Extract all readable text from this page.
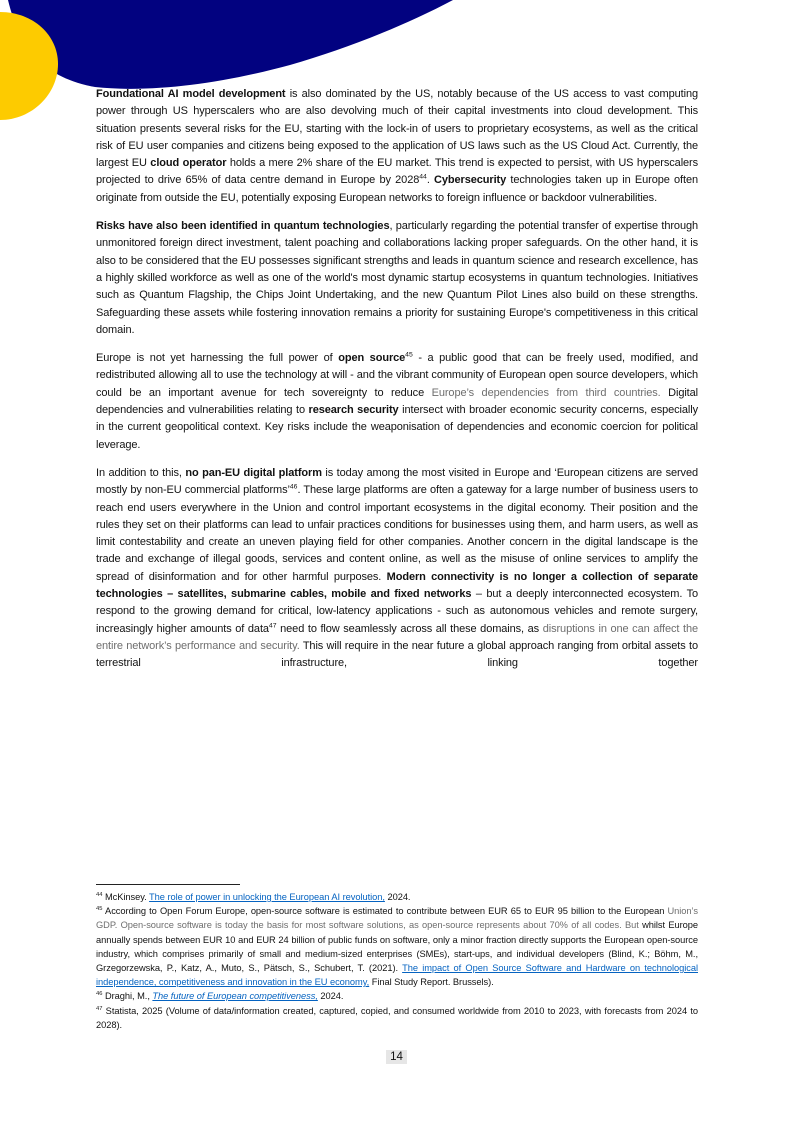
Foundational AI model development is also dominated by the US, notably because of the US access to vast computing power through US hyperscalers who are also devolving much of their capital investments into cloud development. This situation presents several risks for the EU, starting with the lock-in of users to proprietary ecosystems, as well as the critical risk of EU user companies and citizens being exposed to the application of US laws such as the US Cloud Act. Currently, the largest EU cloud operator holds a mere 2% share of the EU market. This trend is expected to persist, with US hyperscalers projected to drive 65% of data centre demand in Europe by 2028$^{44}$. Cybersecurity technologies taken up in Europe often originate from outside the EU, potentially exposing European networks to foreign influence or backdoor vulnerabilities.

Risks have also been identified in quantum technologies, particularly regarding the potential transfer of expertise through unmonitored foreign direct investment, talent poaching and collaborations lacking proper safeguards. On the other hand, it is also to be considered that the EU possesses significant strengths and leads in quantum science and research excellence, has a highly skilled workforce as well as one of the world's most dynamic startup ecosystems in quantum technologies. Initiatives such as Quantum Flagship, the Chips Joint Undertaking, and the new Quantum Pilot Lines also build on these strengths. Safeguarding these assets while fostering innovation remains a priority for sustaining Europe's competitiveness in this critical domain.

Europe is not yet harnessing the full power of open source$^{45}$ - a public good that can be freely used, modified, and redistributed allowing all to use the technology at will - and the vibrant community of European open source developers, which could be an important avenue for tech sovereignty to reduce Europe’s dependencies from third countries. Digital dependencies and vulnerabilities relating to research security intersect with broader economic security concerns, especially in the current geopolitical context. Key risks include the weaponisation of dependencies and economic coercion for political leverage.

In addition to this, no pan-EU digital platform is today among the most visited in Europe and ‘European citizens are served mostly by non-EU commercial platforms’$^{46}$. These large platforms are often a gateway for a large number of business users to reach end users everywhere in the Union and control important ecosystems in the digital economy. Their position and the rules they set on their platforms can lead to unfair practices conditions for businesses using them, and harm users, as well as limit contestability and create an uneven playing field for other companies. Another concern in the digital landscape is the trade and exchange of illegal goods, services and content online, as well as the misuse of online services to amplify the spread of disinformation and for other harmful purposes. Modern connectivity is no longer a collection of separate technologies – satellites, submarine cables, mobile and fixed networks – but a deeply interconnected ecosystem. To respond to the growing demand for critical, low-latency applications - such as autonomous vehicles and remote surgery, increasingly higher amounts of data$^{47}$ need to flow seamlessly across all these domains, as disruptions in one can affect the entire network’s performance and security. This will require in the near future a global approach ranging from orbital assets to terrestrial infrastructure, linking together

$^{44}$ McKinsey. The role of power in unlocking the European AI revolution, 2024.

$^{45}$ According to Open Forum Europe, open-source software is estimated to contribute between EUR 65 to EUR 95 billion to the European Union’s GDP. Open-source software is today the basis for most software solutions, as open-source represents about 70% of all codes. But whilst Europe annually spends between EUR 10 and EUR 24 billion of public funds on software, only a minor fraction directly supports the European open-source industry, which comprises primarily of small and medium-sized enterprises (SMEs), start-ups, and individual developers (Blind, K.; Böhm, M., Grzegorzewska, P., Katz, A., Muto, S., Pätsch, S., Schubert, T. (2021). The impact of Open Source Software and Hardware on technological independence, competitiveness and innovation in the EU economy, Final Study Report. Brussels).

$^{46}$ Draghi, M., The future of European competitiveness, 2024.

$^{47}$ Statista, 2025 (Volume of data/information created, captured, copied, and consumed worldwide from 2010 to 2023, with forecasts from 2024 to 2028).

14
